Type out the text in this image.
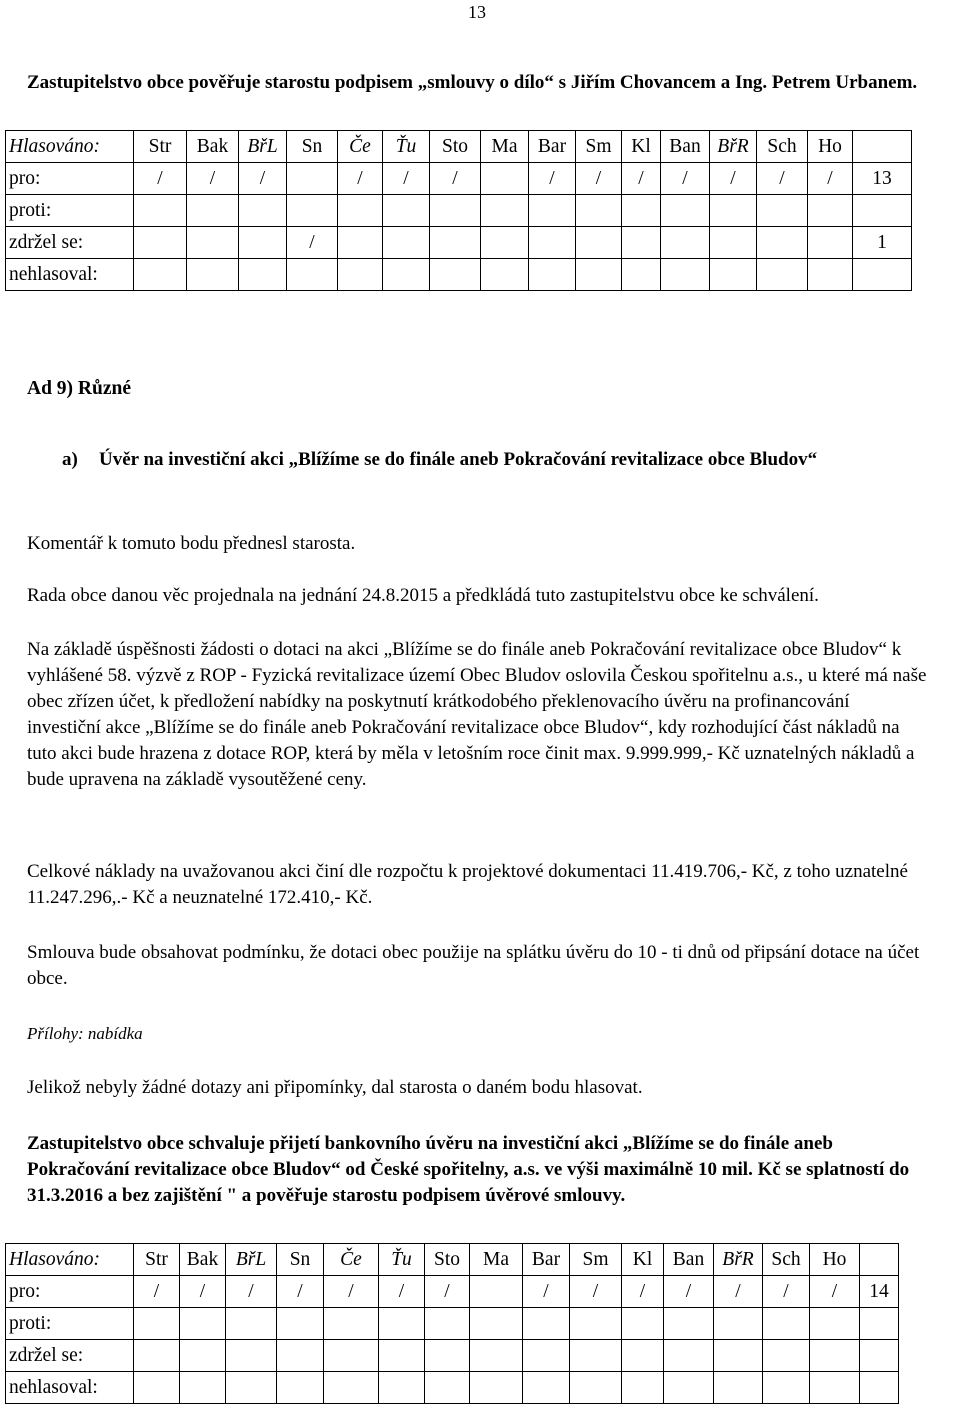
13
Zastupitelstvo obce pověřuje starostu podpisem „smlouvy o dílo“ s Jiřím Chovancem a Ing. Petrem Urbanem.
Hlasováno:	Str	Bak	BřL	Sn	Če	Ťu	Sto	Ma	Bar	Sm	Kl	Ban	BřR	Sch	Ho	
pro:	/	/	/		/	/	/		/	/	/	/	/	/	/	13
proti:																
zdržel se:				/												1
nehlasoval:																
Ad 9) Různé
a) Úvěr na investiční akci „Blížíme se do finále aneb Pokračování revitalizace obce Bludov“
Komentář k tomuto bodu přednesl starosta.
Rada obce danou věc projednala na jednání 24.8.2015 a předkládá tuto zastupitelstvu obce ke schválení.
Na základě úspěšnosti žádosti o dotaci na akci „Blížíme se do finále aneb Pokračování revitalizace obce Bludov“ k vyhlášené 58. výzvě z ROP - Fyzická revitalizace území Obec Bludov oslovila Českou spořitelnu a.s., u které má naše obec zřízen účet, k předložení nabídky na poskytnutí krátkodobého překlenovacího úvěru na profinancování investiční akce „Blížíme se do finále aneb Pokračování revitalizace obce Bludov“, kdy rozhodující část nákladů na tuto akci bude hrazena z dotace ROP, která by měla v letošním roce činit max. 9.999.999,- Kč uznatelných nákladů a bude upravena na základě vysoutěžené ceny.
Celkové náklady na uvažovanou akci činí dle rozpočtu k projektové dokumentaci 11.419.706,- Kč, z toho uznatelné 11.247.296,.- Kč a neuznatelné 172.410,- Kč.
Smlouva bude obsahovat podmínku, že dotaci obec použije na splátku úvěru do 10 - ti dnů od připsání dotace na účet obce.
Přílohy: nabídka
Jelikož nebyly žádné dotazy ani připomínky, dal starosta o daném bodu hlasovat.
Zastupitelstvo obce schvaluje přijetí bankovního úvěru na investiční akci „Blížíme se do finále aneb Pokračování revitalizace obce Bludov“ od České spořitelny, a.s. ve výši maximálně 10 mil. Kč se splatností do 31.3.2016 a bez zajištění " a pověřuje starostu podpisem úvěrové smlouvy.
Hlasováno:	Str	Bak	BřL	Sn	Če	Ťu	Sto	Ma	Bar	Sm	Kl	Ban	BřR	Sch	Ho	
pro:	/	/	/	/	/	/	/		/	/	/	/	/	/	/	14
proti:																
zdržel se:																
nehlasoval:																
